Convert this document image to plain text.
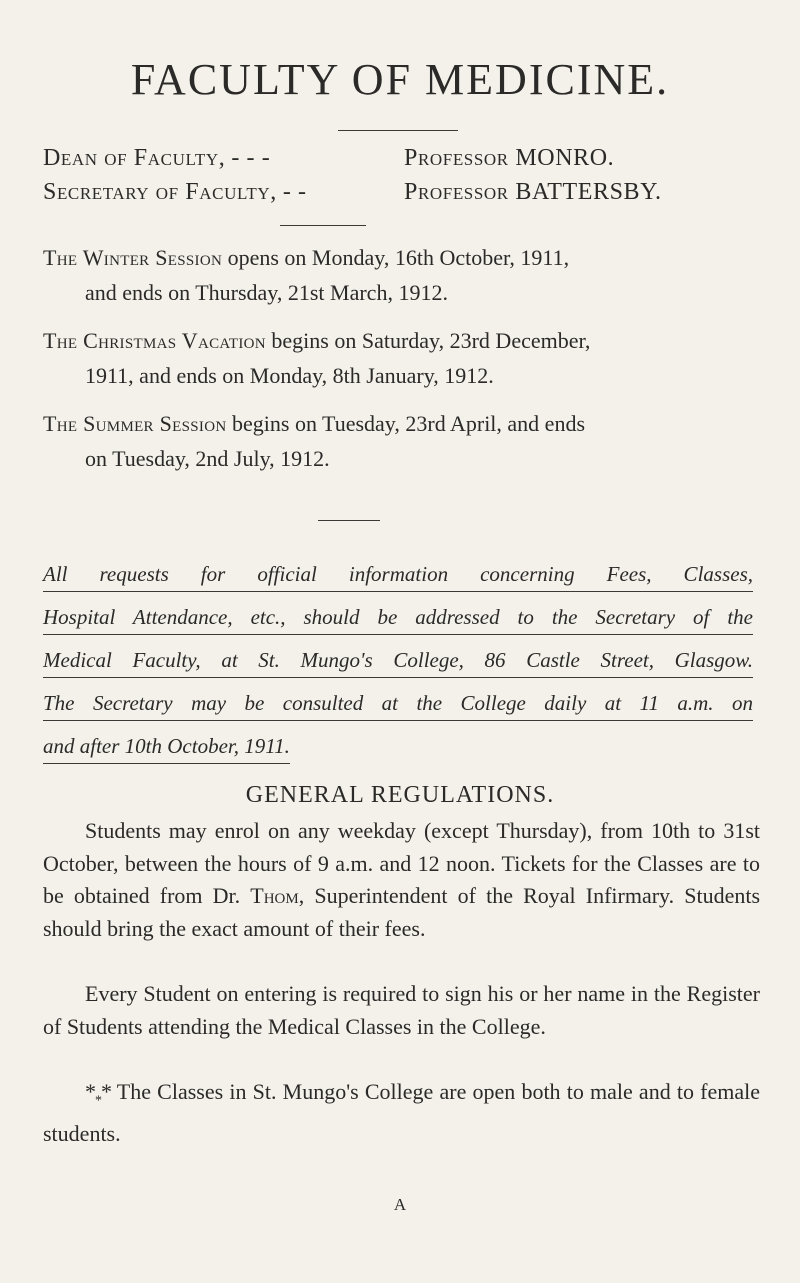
FACULTY OF MEDICINE.
Dean of Faculty, - - -	Professor MONRO.
Secretary of Faculty, - -	Professor BATTERSBY.

The Winter Session opens on Monday, 16th October, 1911,
and ends on Thursday, 21st March, 1912.

The Christmas Vacation begins on Saturday, 23rd December,
1911, and ends on Monday, 8th January, 1912.

The Summer Session begins on Tuesday, 23rd April, and ends
on Tuesday, 2nd July, 1912.

All requests for official information concerning Fees, Classes,
Hospital Attendance, etc., should be addressed to the Secretary of the
Medical Faculty, at St. Mungo's College, 86 Castle Street, Glasgow.
The Secretary may be consulted at the College daily at 11 a.m. on
and after 10th October, 1911.
GENERAL REGULATIONS.

Students may enrol on any weekday (except Thursday), from 10th to 31st October, between the hours of 9 a.m. and 12 noon. Tickets for the Classes are to be obtained from Dr. Thom, Superintendent of the Royal Infirmary. Students should bring the exact amount of their fees.

Every Student on entering is required to sign his or her name in the Register of Students attending the Medical Classes in the College.

$*_**$ The Classes in St. Mungo's College are open both to male and to female students.

A
